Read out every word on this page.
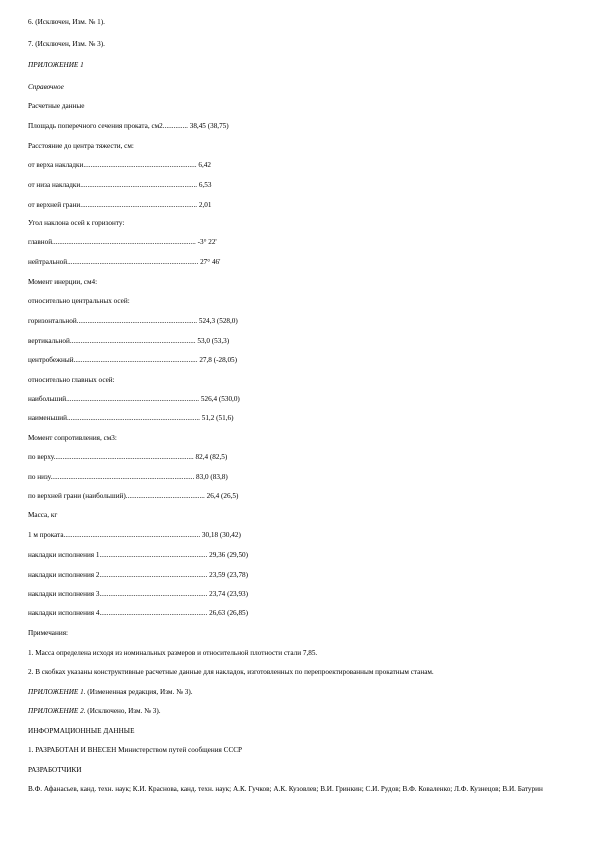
6. (Исключен, Изм. № 1).
7. (Исключен, Изм. № 3).
ПРИЛОЖЕНИЕ 1
Справочное
Расчетные данные
Площадь поперечного сечения проката, см2.............. 38,45 (38,75)
Расстояние до центра тяжести, см:
от верха накладки............................................................... 6,42
от низа накладки................................................................. 6,53
от верхней грани................................................................. 2,01
Угол наклона осей к горизонту:
главной................................................................................ -3° 22'
нейтральной......................................................................... 27° 46'
Момент инерции, см4:
относительно центральных осей:
горизонтальной................................................................... 524,3 (528,0)
вертикальной...................................................................... 53,0 (53,3)
центробежный..................................................................... 27,8 (-28,05)
относительно главных осей:
наибольший.......................................................................... 526,4 (530,0)
наименьший.......................................................................... 51,2 (51,6)
Момент сопротивления, см3:
по верху.............................................................................. 82,4 (82,5)
по низу................................................................................ 83,0 (83,8)
по верхней грани (наибольший)............................................ 26,4 (26,5)
Масса, кг
1 м проката............................................................................ 30,18 (30,42)
накладки исполнения 1............................................................ 29,36 (29,50)
накладки исполнения 2............................................................ 23,59 (23,78)
накладки исполнения 3............................................................ 23,74 (23,93)
накладки исполнения 4............................................................ 26,63 (26,85)
Примечания:
1. Масса определена исходя из номинальных размеров и относительной плотности стали 7,85.
2. В скобках указаны конструктивные расчетные данные для накладок, изготовленных по перепроектированным прокатным станам.
ПРИЛОЖЕНИЕ 1. (Измененная редакция, Изм. № 3).
ПРИЛОЖЕНИЕ 2. (Исключено, Изм. № 3).
ИНФОРМАЦИОННЫЕ ДАННЫЕ
1. РАЗРАБОТАН И ВНЕСЕН Министерством путей сообщения СССР
РАЗРАБОТЧИКИ
В.Ф. Афанасьев, канд. техн. наук; К.И. Краснова, канд. техн. наук; А.К. Гучков; А.К. Кузовлев; В.И. Гринкин; С.И. Рудов; В.Ф. Коваленко; Л.Ф. Кузнецов; В.И. Батурин
